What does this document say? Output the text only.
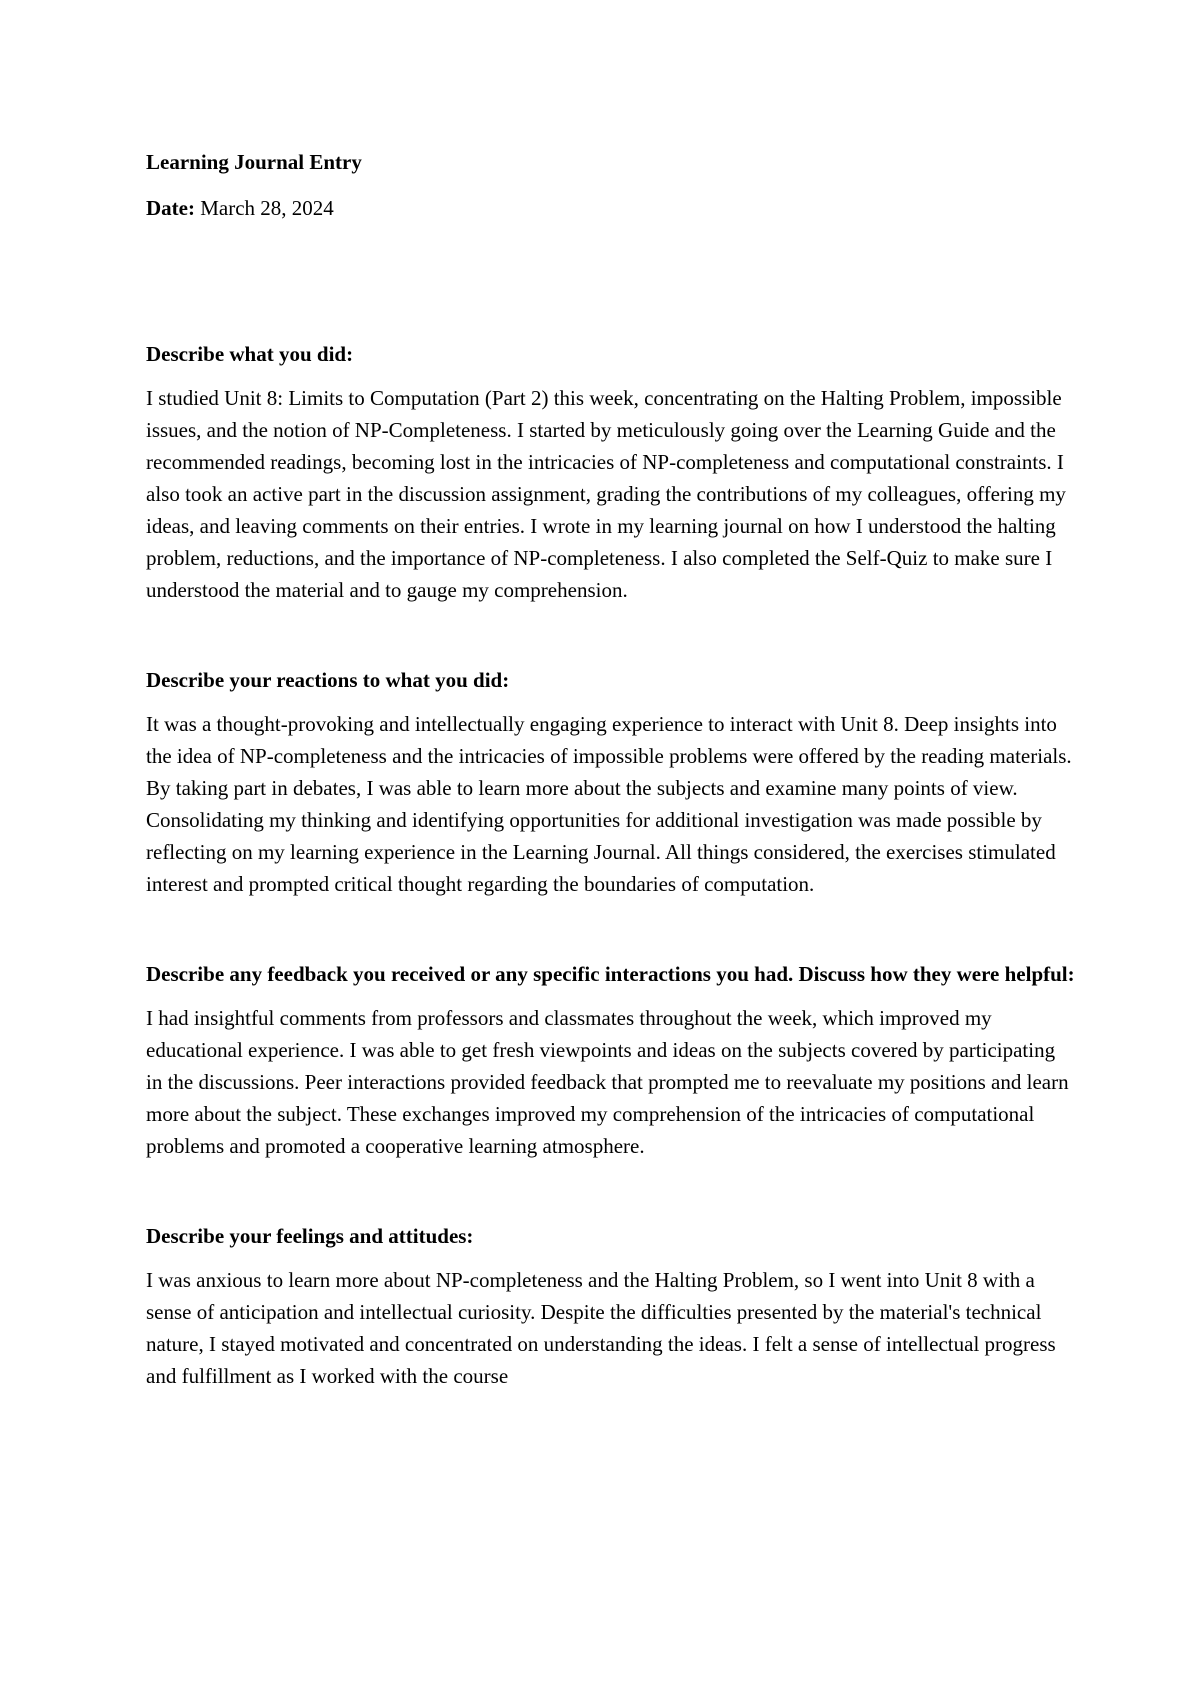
Learning Journal Entry

Date: March 28, 2024

Describe what you did:

I studied Unit 8: Limits to Computation (Part 2) this week, concentrating on the Halting Problem, impossible issues, and the notion of NP-Completeness. I started by meticulously going over the Learning Guide and the recommended readings, becoming lost in the intricacies of NP-completeness and computational constraints. I also took an active part in the discussion assignment, grading the contributions of my colleagues, offering my ideas, and leaving comments on their entries. I wrote in my learning journal on how I understood the halting problem, reductions, and the importance of NP-completeness. I also completed the Self-Quiz to make sure I understood the material and to gauge my comprehension.

Describe your reactions to what you did:

It was a thought-provoking and intellectually engaging experience to interact with Unit 8. Deep insights into the idea of NP-completeness and the intricacies of impossible problems were offered by the reading materials. By taking part in debates, I was able to learn more about the subjects and examine many points of view. Consolidating my thinking and identifying opportunities for additional investigation was made possible by reflecting on my learning experience in the Learning Journal. All things considered, the exercises stimulated interest and prompted critical thought regarding the boundaries of computation.

Describe any feedback you received or any specific interactions you had. Discuss how they were helpful:

I had insightful comments from professors and classmates throughout the week, which improved my educational experience. I was able to get fresh viewpoints and ideas on the subjects covered by participating in the discussions. Peer interactions provided feedback that prompted me to reevaluate my positions and learn more about the subject. These exchanges improved my comprehension of the intricacies of computational problems and promoted a cooperative learning atmosphere.

Describe your feelings and attitudes:

I was anxious to learn more about NP-completeness and the Halting Problem, so I went into Unit 8 with a sense of anticipation and intellectual curiosity. Despite the difficulties presented by the material's technical nature, I stayed motivated and concentrated on understanding the ideas. I felt a sense of intellectual progress and fulfillment as I worked with the course
